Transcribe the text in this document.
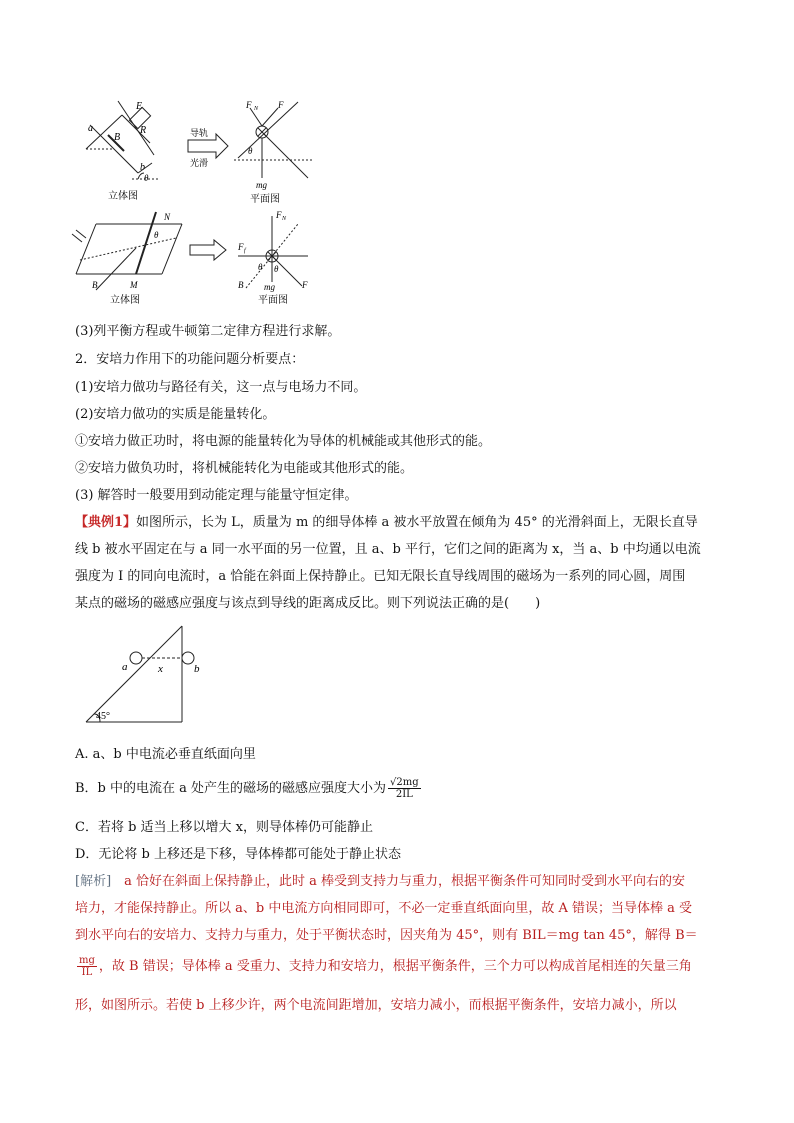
a
B
E
R
b
θ
立体图
导轨
光滑
F N F
θ
mg
平面图
N
θ
B	M
立体图
F N
F f
θ θ
B mg	F
平面图
(3)列平衡方程或牛顿第二定律方程进行求解。
2．安培力作用下的功能问题分析要点：
(1)安培力做功与路径有关，这一点与电场力不同。
(2)安培力做功的实质是能量转化。
①安培力做正功时，将电源的能量转化为导体的机械能或其他形式的能。
②安培力做负功时，将机械能转化为电能或其他形式的能。
(3) 解答时一般要用到动能定理与能量守恒定律。
【典例1】如图所示，长为 L，质量为 m 的细导体棒 a 被水平放置在倾角为 45° 的光滑斜面上，无限长直导
线 b 被水平固定在与 a 同一水平面的另一位置，且 a、b 平行，它们之间的距离为 x，当 a、b 中均通以电流
强度为 I 的同向电流时，a 恰能在斜面上保持静止。已知无限长直导线周围的磁场为一系列的同心圆，周围
某点的磁场的磁感应强度与该点到导线的距离成反比。则下列说法正确的是(　　)
a	b
x
45°
A. a、b 中电流必垂直纸面向里
B．b 中的电流在 a 处产生的磁场的磁感应强度大小为 $\frac{√2mg}{2IL}$
C．若将 b 适当上移以增大 x，则导体棒仍可能静止
D．无论将 b 上移还是下移，导体棒都可能处于静止状态
[解析]　a 恰好在斜面上保持静止，此时 a 棒受到支持力与重力，根据平衡条件可知同时受到水平向右的安
培力，才能保持静止。所以 a、b 中电流方向相同即可，不必一定垂直纸面向里，故 A 错误；当导体棒 a 受
到水平向右的安培力、支持力与重力，处于平衡状态时，因夹角为 45°，则有 BIL＝mg tan 45°，解得 B＝
$\frac{mg}{IL}$ ，故 B 错误；导体棒 a 受重力、支持力和安培力，根据平衡条件，三个力可以构成首尾相连的矢量三角
形，如图所示。若使 b 上移少许，两个电流间距增加，安培力减小，而根据平衡条件，安培力减小，所以
